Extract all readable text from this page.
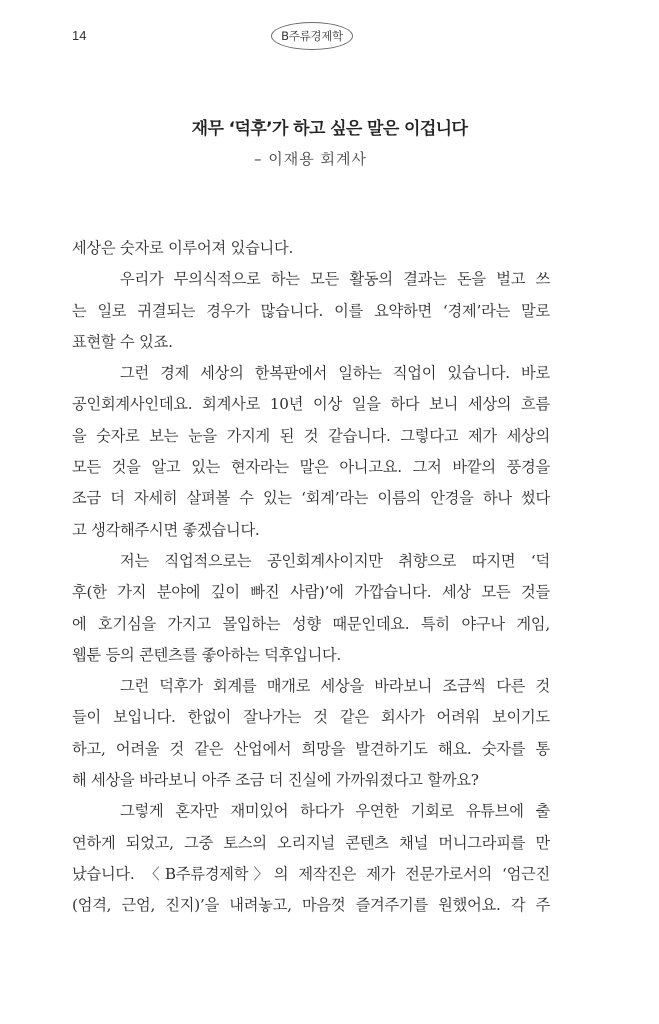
14	B주류경제학
재무 ‘덕후’가 하고 싶은 말은 이겁니다
– 이재용 회계사
세상은 숫자로 이루어져 있습니다.
우리가 무의식적으로 하는 모든 활동의 결과는 돈을 벌고 쓰
는 일로 귀결되는 경우가 많습니다. 이를 요약하면 ‘경제’라는 말로
표현할 수 있죠.
그런 경제 세상의 한복판에서 일하는 직업이 있습니다. 바로
공인회계사인데요. 회계사로 10년 이상 일을 하다 보니 세상의 흐름
을 숫자로 보는 눈을 가지게 된 것 같습니다. 그렇다고 제가 세상의
모든 것을 알고 있는 현자라는 말은 아니고요. 그저 바깥의 풍경을
조금 더 자세히 살펴볼 수 있는 ‘회계’라는 이름의 안경을 하나 썼다
고 생각해주시면 좋겠습니다.
저는 직업적으로는 공인회계사이지만 취향으로 따지면 ‘덕
후(한 가지 분야에 깊이 빠진 사람)’에 가깝습니다. 세상 모든 것들
에 호기심을 가지고 몰입하는 성향 때문인데요. 특히 야구나 게임,
웹툰 등의 콘텐츠를 좋아하는 덕후입니다.
그런 덕후가 회계를 매개로 세상을 바라보니 조금씩 다른 것
들이 보입니다. 한없이 잘나가는 것 같은 회사가 어려워 보이기도
하고, 어려울 것 같은 산업에서 희망을 발견하기도 해요. 숫자를 통
해 세상을 바라보니 아주 조금 더 진실에 가까워졌다고 할까요?
그렇게 혼자만 재미있어 하다가 우연한 기회로 유튜브에 출
연하게 되었고, 그중 토스의 오리지널 콘텐츠 채널 머니그라피를 만
났습니다. 〈B주류경제학〉의 제작진은 제가 전문가로서의 ‘엄근진
(엄격, 근엄, 진지)’을 내려놓고, 마음껏 즐겨주기를 원했어요. 각 주
